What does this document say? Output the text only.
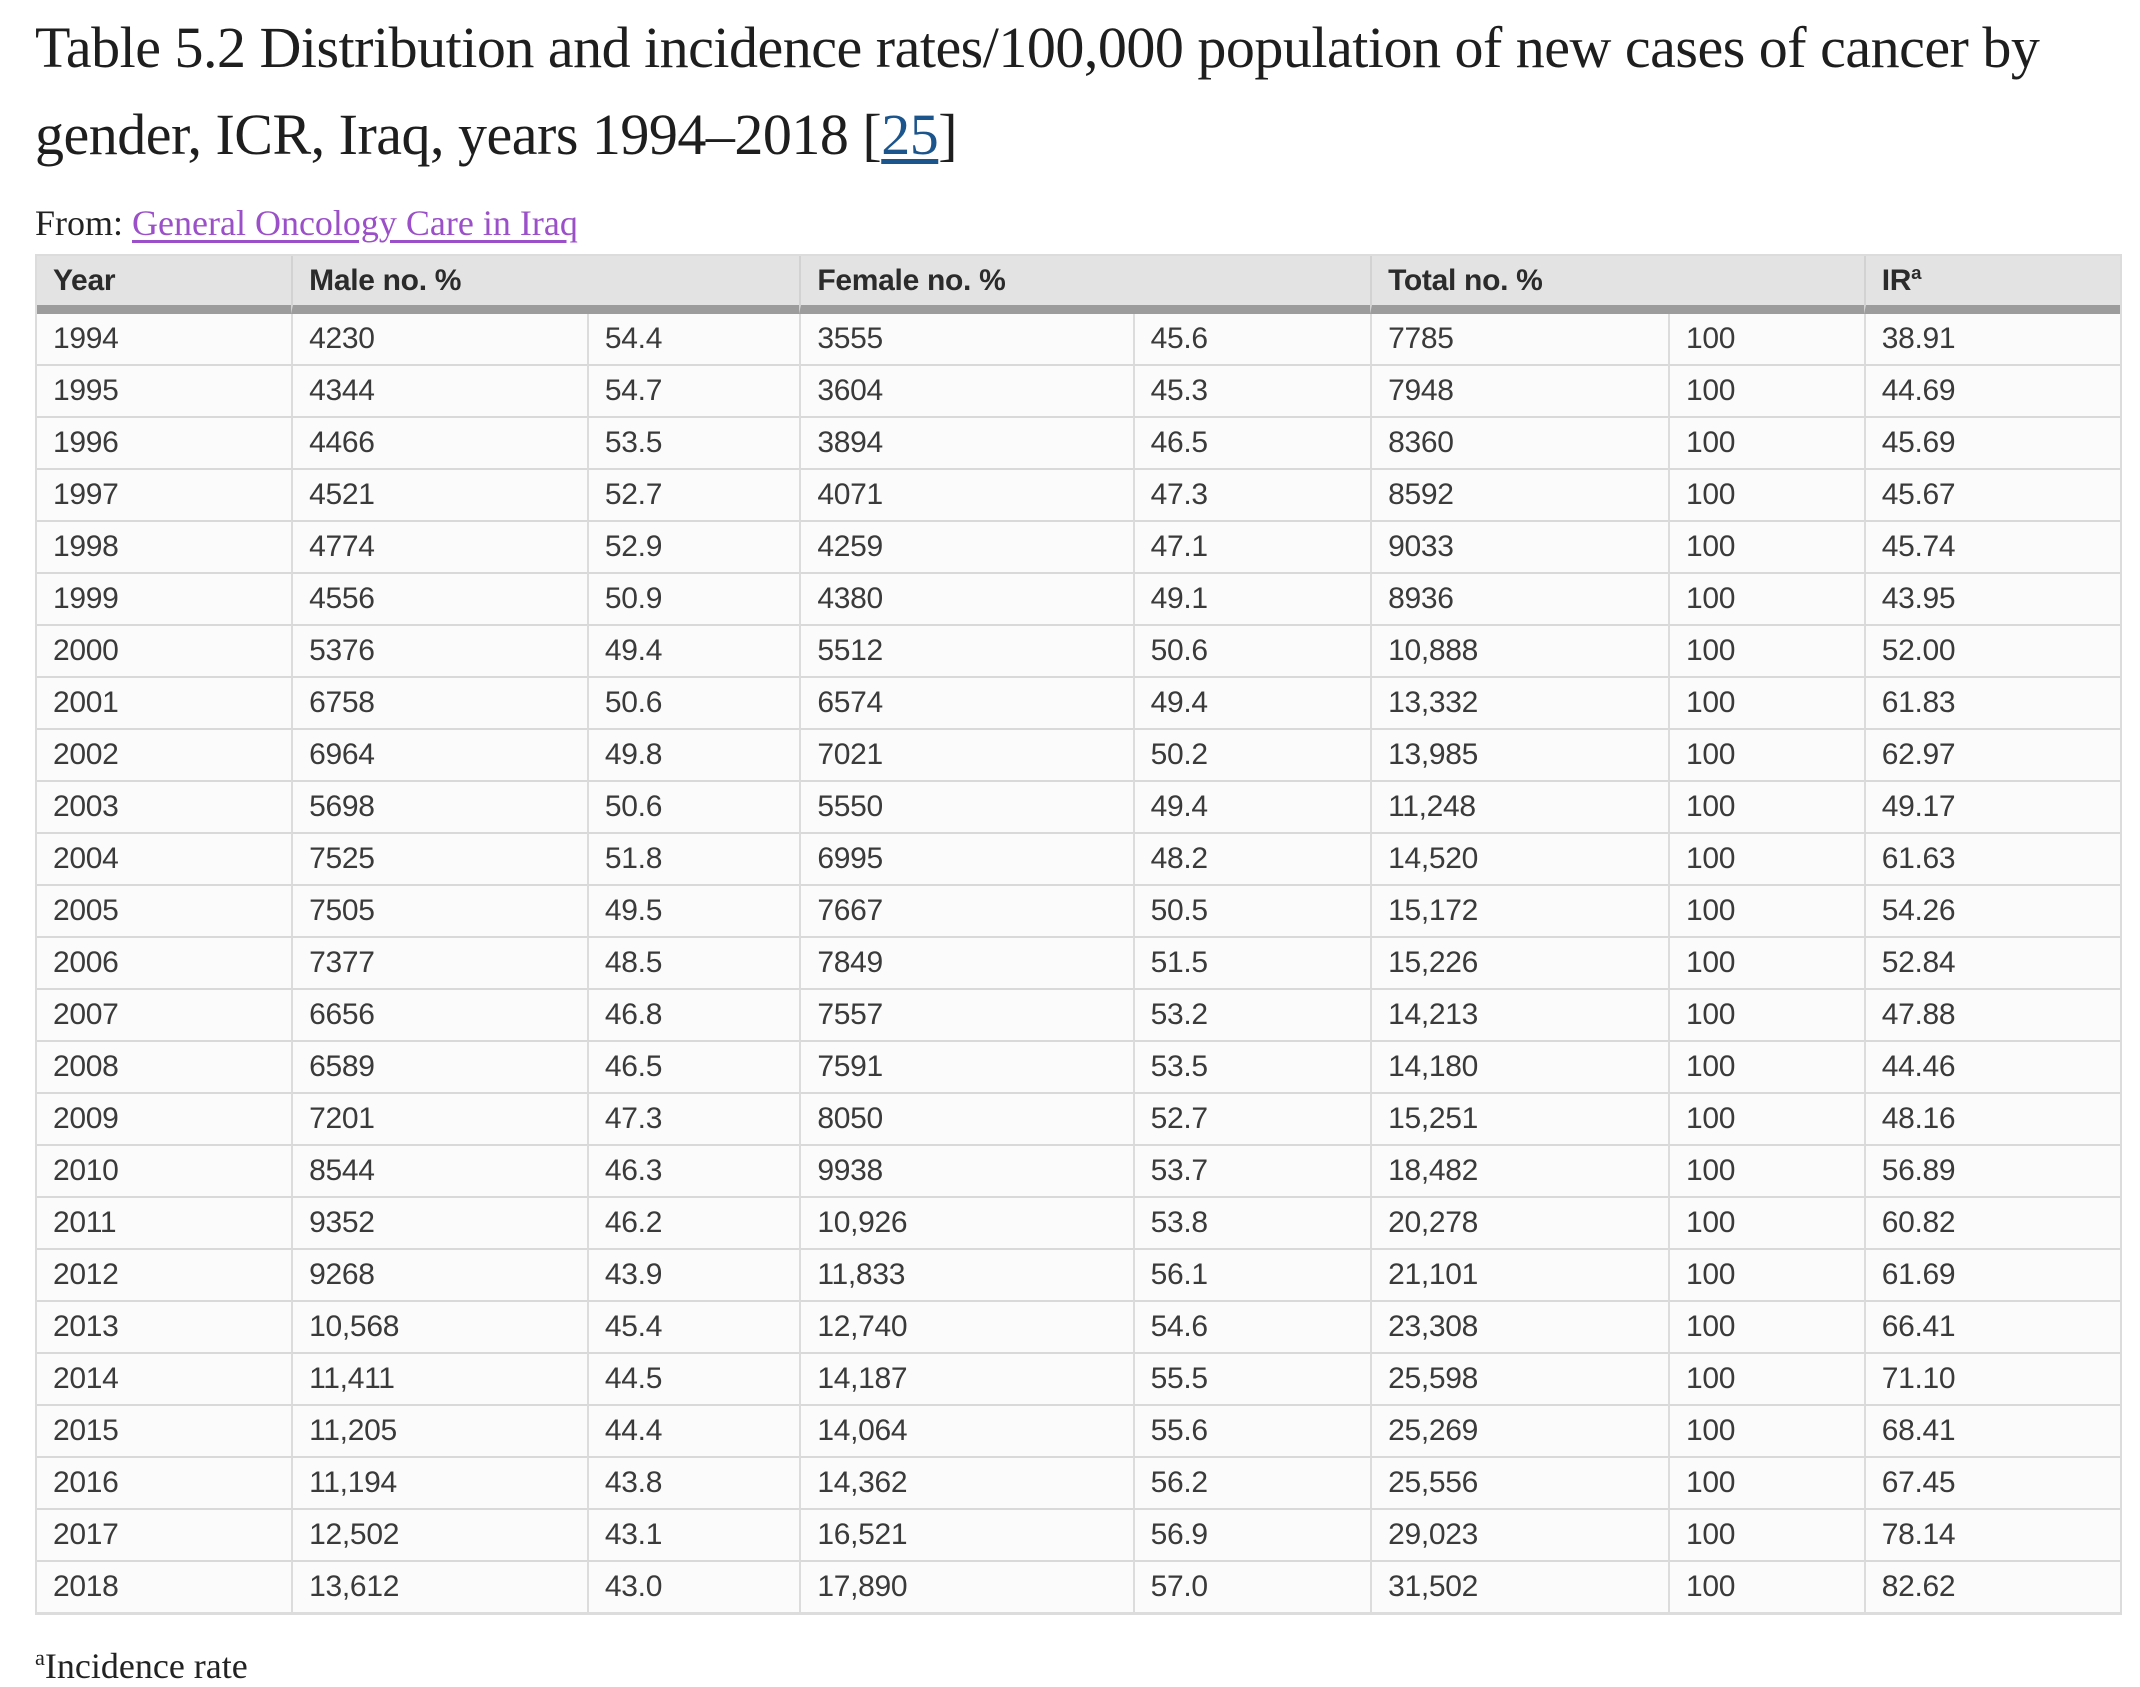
Table 5.2 Distribution and incidence rates/100,000 population of new cases of cancer by gender, ICR, Iraq, years 1994–2018 [25]

From: General Oncology Care in Iraq

Year	Male no. %		Female no. %		Total no. %		$IR^a$
1994	4230	54.4	3555	45.6	7785	100	38.91
1995	4344	54.7	3604	45.3	7948	100	44.69
1996	4466	53.5	3894	46.5	8360	100	45.69
1997	4521	52.7	4071	47.3	8592	100	45.67
1998	4774	52.9	4259	47.1	9033	100	45.74
1999	4556	50.9	4380	49.1	8936	100	43.95
2000	5376	49.4	5512	50.6	10,888	100	52.00
2001	6758	50.6	6574	49.4	13,332	100	61.83
2002	6964	49.8	7021	50.2	13,985	100	62.97
2003	5698	50.6	5550	49.4	11,248	100	49.17
2004	7525	51.8	6995	48.2	14,520	100	61.63
2005	7505	49.5	7667	50.5	15,172	100	54.26
2006	7377	48.5	7849	51.5	15,226	100	52.84
2007	6656	46.8	7557	53.2	14,213	100	47.88
2008	6589	46.5	7591	53.5	14,180	100	44.46
2009	7201	47.3	8050	52.7	15,251	100	48.16
2010	8544	46.3	9938	53.7	18,482	100	56.89
2011	9352	46.2	10,926	53.8	20,278	100	60.82
2012	9268	43.9	11,833	56.1	21,101	100	61.69
2013	10,568	45.4	12,740	54.6	23,308	100	66.41
2014	11,411	44.5	14,187	55.5	25,598	100	71.10
2015	11,205	44.4	14,064	55.6	25,269	100	68.41
2016	11,194	43.8	14,362	56.2	25,556	100	67.45
2017	12,502	43.1	16,521	56.9	29,023	100	78.14
2018	13,612	43.0	17,890	57.0	31,502	100	82.62

$^a$Incidence rate
